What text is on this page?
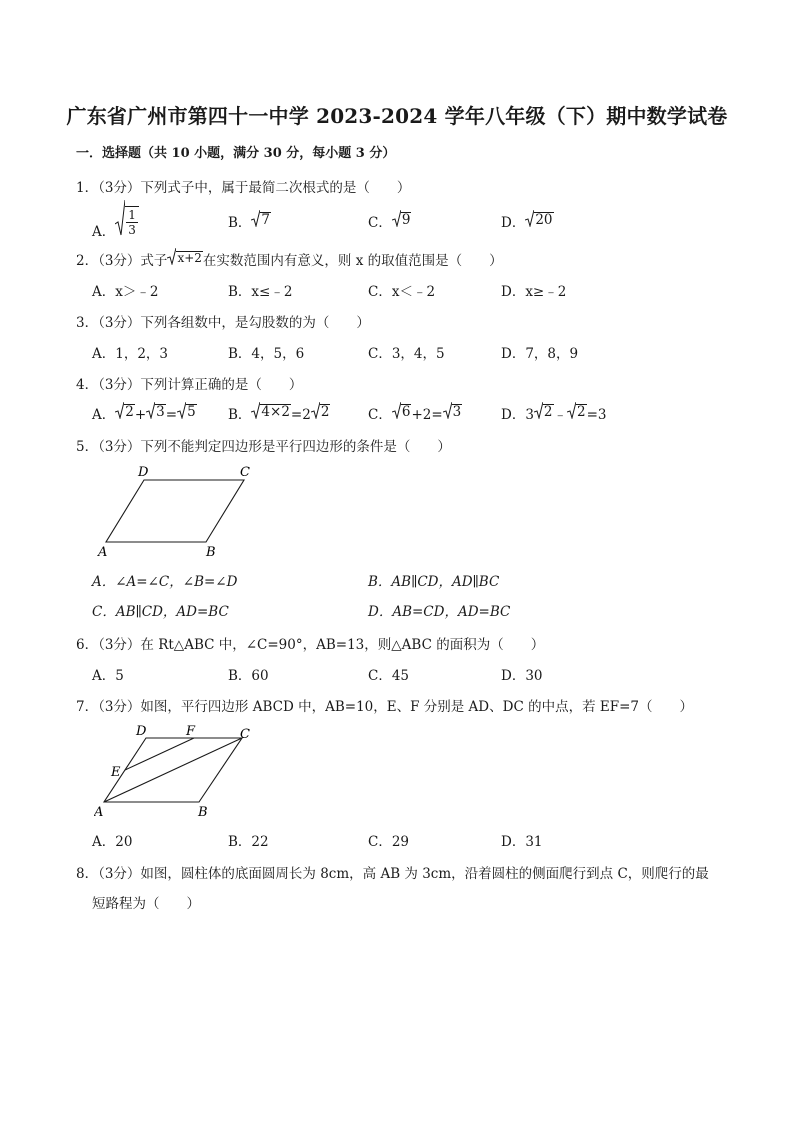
广东省广州市第四十一中学 2023-2024 学年八年级（下）期中数学试卷
一．选择题（共 10 小题，满分 30 分，每小题 3 分）
1．（3分）下列式子中，属于最简二次根式的是（　　）
A． $\frac{1}{3}$	B． 7	C． 9	D． 20
2．（3分）式子 x+2 在实数范围内有意义，则 x 的取值范围是（　　）
A．x＞﹣2	B．x≤﹣2	C．x＜﹣2	D．x≥﹣2
3．（3分）下列各组数中，是勾股数的为（　　）
A．1，2，3	B．4，5，6	C．3，4，5	D．7，8，9
4．（3分）下列计算正确的是（　　）
A． 2 + 3 = 5 B． 4×2 =2 2	C． 6 +2= 3	D．3 2 ﹣ 2 =3
5．（3分）下列不能判定四边形是平行四边形的条件是（　　）
D	C
A	B
A．∠A=∠C，∠B=∠D	B．AB∥CD，AD∥BC
C．AB∥CD，AD=BC	D．AB=CD，AD=BC
6．（3分）在 Rt△ABC 中，∠C=90°，AB=13，则△ABC 的面积为（　　）
A．5	B．60	C．45	D．30
7．（3分）如图，平行四边形 ABCD 中，AB=10，E、F 分别是 AD、DC 的中点，若 EF=7（　　）
D	F	C
E
A	B
A．20	B．22	C．29	D．31
8．（3分）如图，圆柱体的底面圆周长为 8cm，高 AB 为 3cm，沿着圆柱的侧面爬行到点 C，则爬行的最
短路程为（　　）
